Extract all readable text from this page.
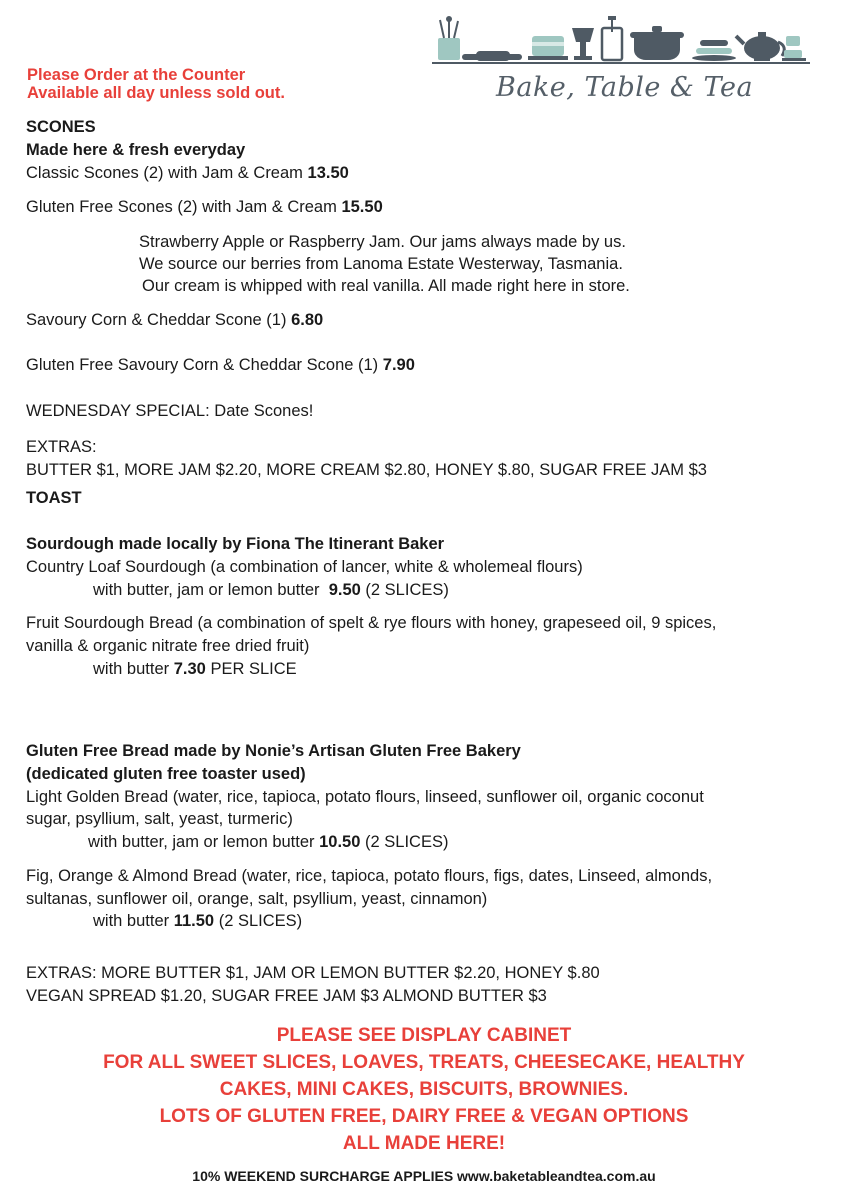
Please Order at the Counter
Available all day unless sold out.	Bake, Table & Tea
SCONES
Made here & fresh everyday
Classic Scones (2) with Jam & Cream 13.50
Gluten Free Scones (2) with Jam & Cream 15.50
Strawberry Apple or Raspberry Jam. Our jams always made by us.
We source our berries from Lanoma Estate Westerway, Tasmania.
Our cream is whipped with real vanilla. All made right here in store.
Savoury Corn & Cheddar Scone (1) 6.80
Gluten Free Savoury Corn & Cheddar Scone (1) 7.90
WEDNESDAY SPECIAL: Date Scones!
EXTRAS:
BUTTER $1, MORE JAM $2.20, MORE CREAM $2.80, HONEY $.80, SUGAR FREE JAM $3
TOAST
Sourdough made locally by Fiona The Itinerant Baker
Country Loaf Sourdough (a combination of lancer, white & wholemeal flours)
with butter, jam or lemon butter 9.50 (2 SLICES)
Fruit Sourdough Bread (a combination of spelt & rye flours with honey, grapeseed oil, 9 spices,
vanilla & organic nitrate free dried fruit)
with butter 7.30 PER SLICE
Gluten Free Bread made by Nonie’s Artisan Gluten Free Bakery
(dedicated gluten free toaster used)
Light Golden Bread (water, rice, tapioca, potato flours, linseed, sunflower oil, organic coconut
sugar, psyllium, salt, yeast, turmeric)
with butter, jam or lemon butter 10.50 (2 SLICES)
Fig, Orange & Almond Bread (water, rice, tapioca, potato flours, figs, dates, Linseed, almonds,
sultanas, sunflower oil, orange, salt, psyllium, yeast, cinnamon)
with butter 11.50 (2 SLICES)
EXTRAS: MORE BUTTER $1, JAM OR LEMON BUTTER $2.20, HONEY $.80
VEGAN SPREAD $1.20, SUGAR FREE JAM $3 ALMOND BUTTER $3
PLEASE SEE DISPLAY CABINET
FOR ALL SWEET SLICES, LOAVES, TREATS, CHEESECAKE, HEALTHY
CAKES, MINI CAKES, BISCUITS, BROWNIES.
LOTS OF GLUTEN FREE, DAIRY FREE & VEGAN OPTIONS
ALL MADE HERE!
10% WEEKEND SURCHARGE APPLIES www.baketableandtea.com.au
